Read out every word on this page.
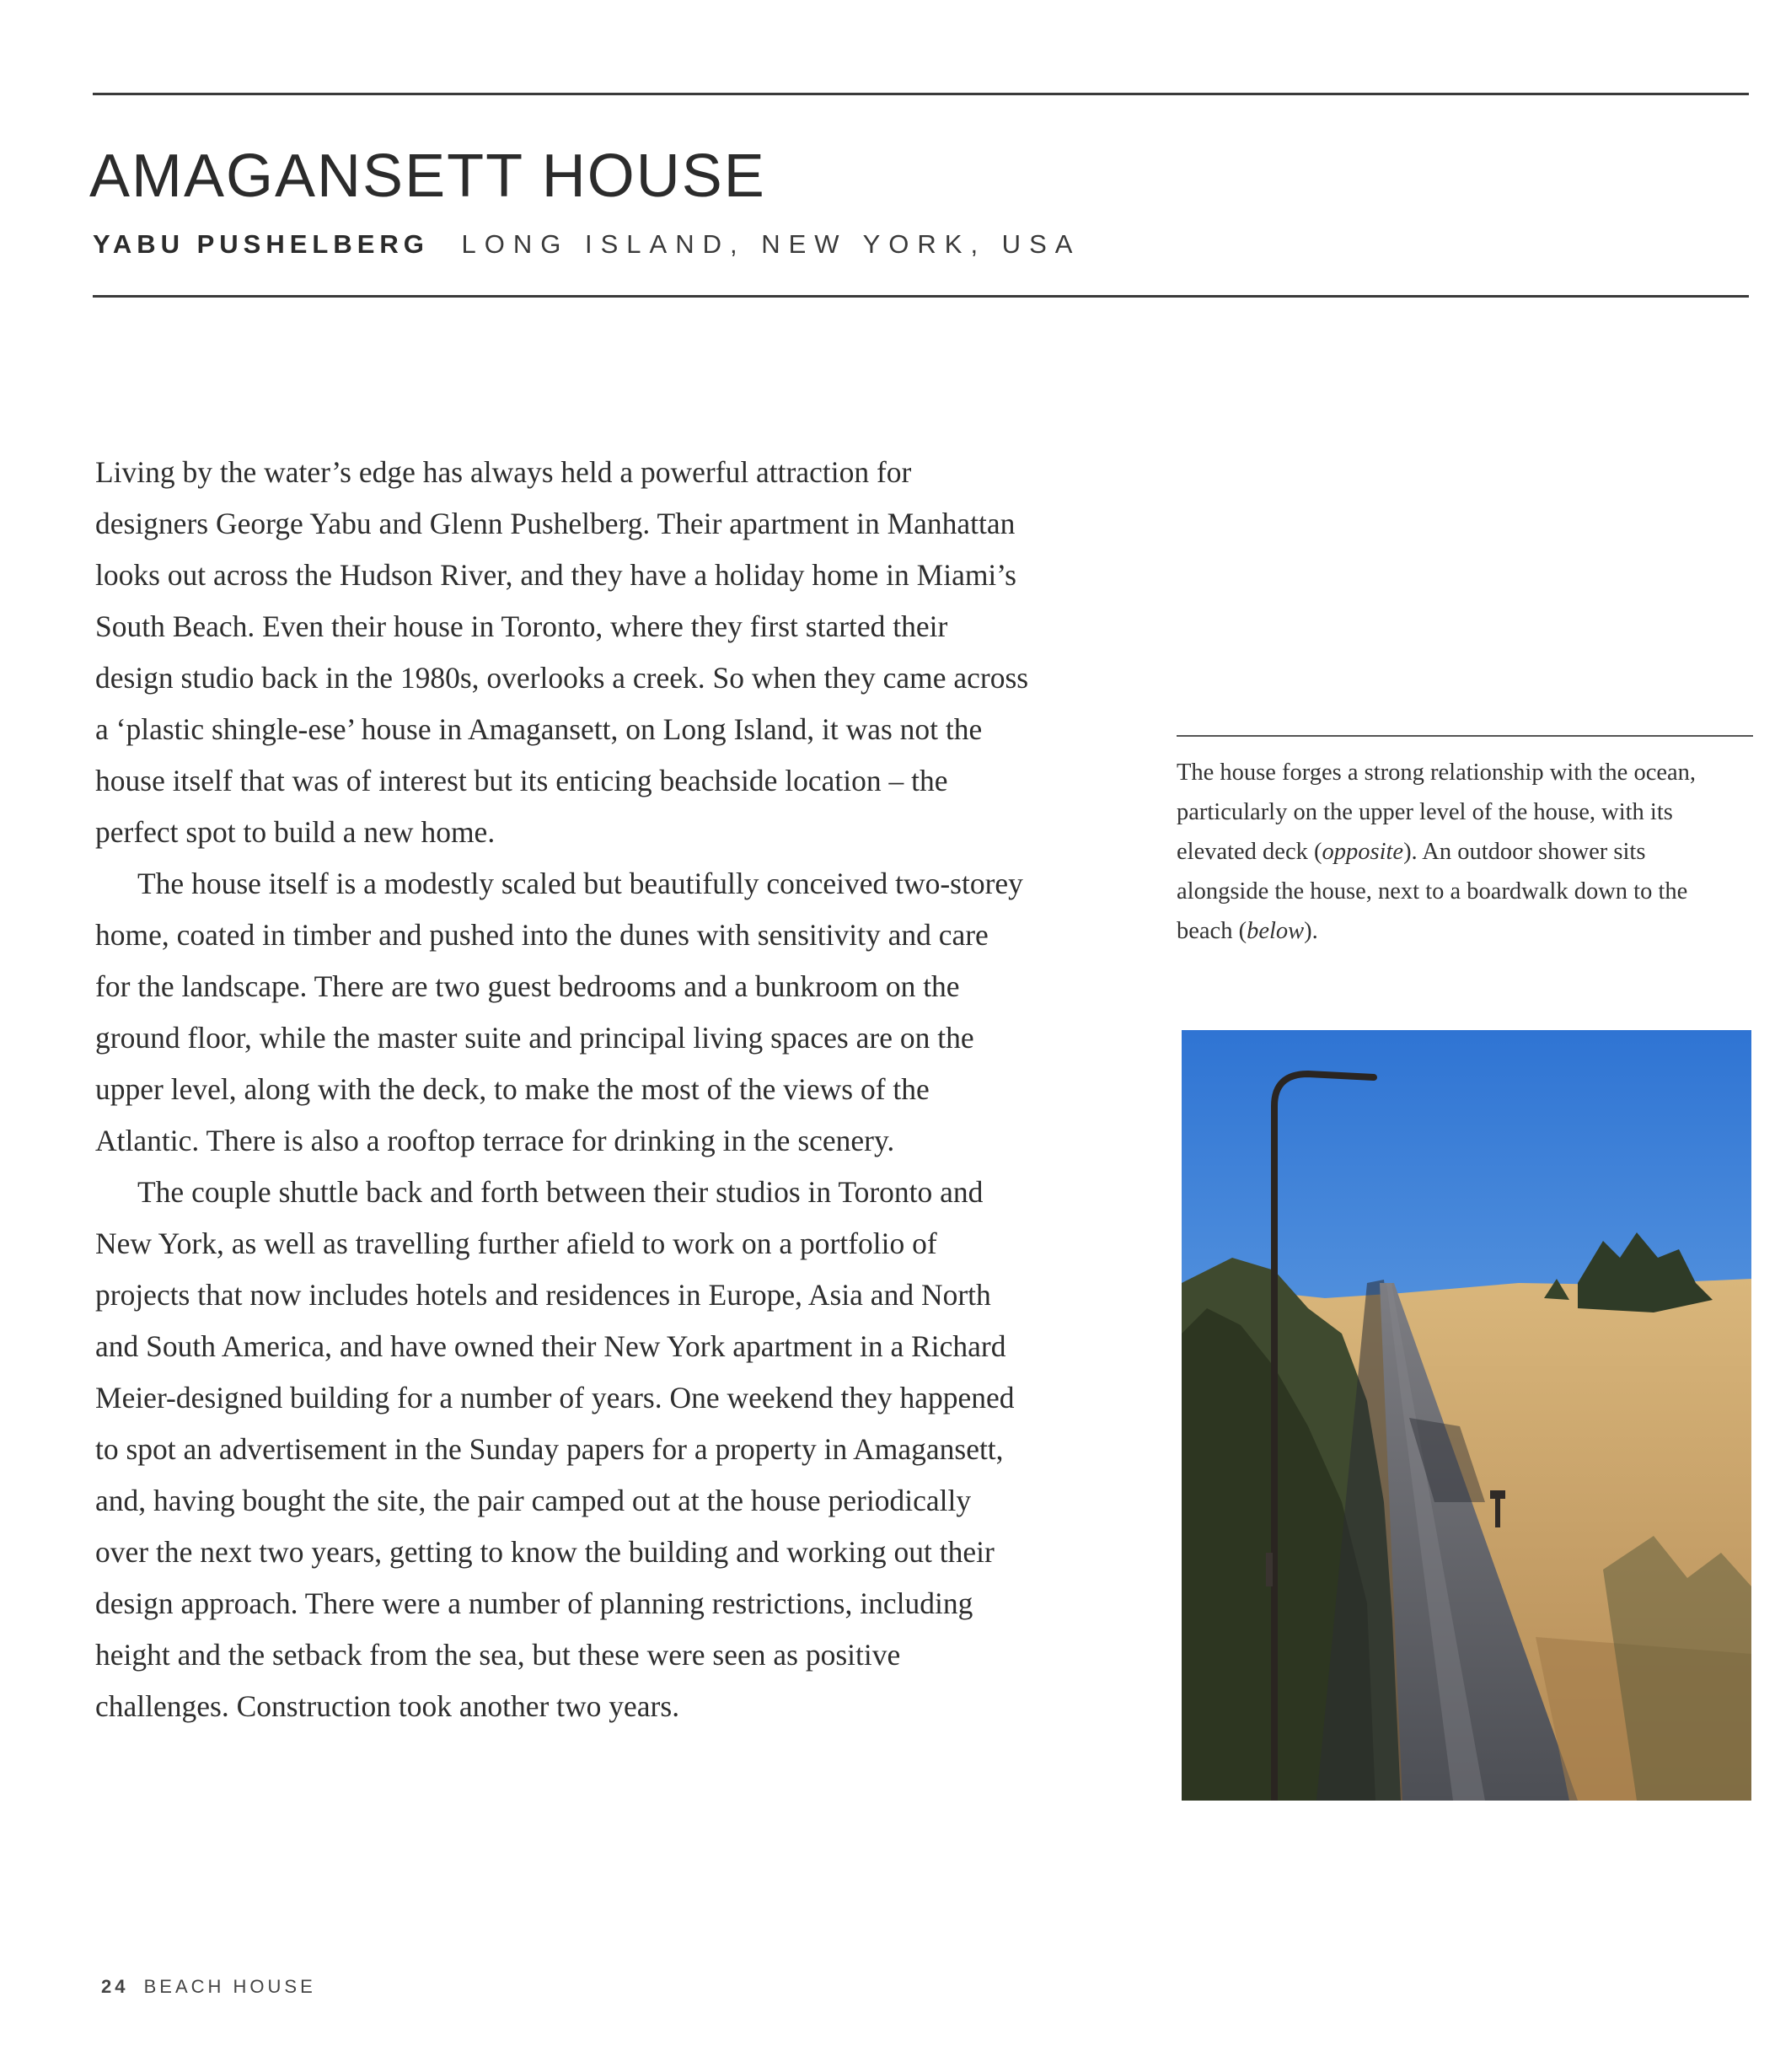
AMAGANSETT HOUSE
YABU PUSHELBERG LONG ISLAND, NEW YORK, USA

Living by the water’s edge has always held a powerful attraction for designers George Yabu and Glenn Pushelberg. Their apartment in Manhattan looks out across the Hudson River, and they have a holiday home in Miami’s South Beach. Even their house in Toronto, where they first started their design studio back in the 1980s, overlooks a creek. So when they came across a ‘plastic shingle-ese’ house in Amagansett, on Long Island, it was not the house itself that was of interest but its enticing beachside location – the perfect spot to build a new home.

The house itself is a modestly scaled but beautifully conceived two-storey home, coated in timber and pushed into the dunes with sensitivity and care for the landscape. There are two guest bedrooms and a bunkroom on the ground floor, while the master suite and principal living spaces are on the upper level, along with the deck, to make the most of the views of the Atlantic. There is also a rooftop terrace for drinking in the scenery.

The couple shuttle back and forth between their studios in Toronto and New York, as well as travelling further afield to work on a portfolio of projects that now includes hotels and residences in Europe, Asia and North and South America, and have owned their New York apartment in a Richard Meier-designed building for a number of years. One weekend they happened to spot an advertisement in the Sunday papers for a property in Amagansett, and, having bought the site, the pair camped out at the house periodically over the next two years, getting to know the building and working out their design approach. There were a number of planning restrictions, including height and the setback from the sea, but these were seen as positive challenges. Construction took another two years.

The house forges a strong relationship with the ocean, particularly on the upper level of the house, with its elevated deck (opposite). An outdoor shower sits alongside the house, next to a boardwalk down to the beach (below).
24 BEACH HOUSE
